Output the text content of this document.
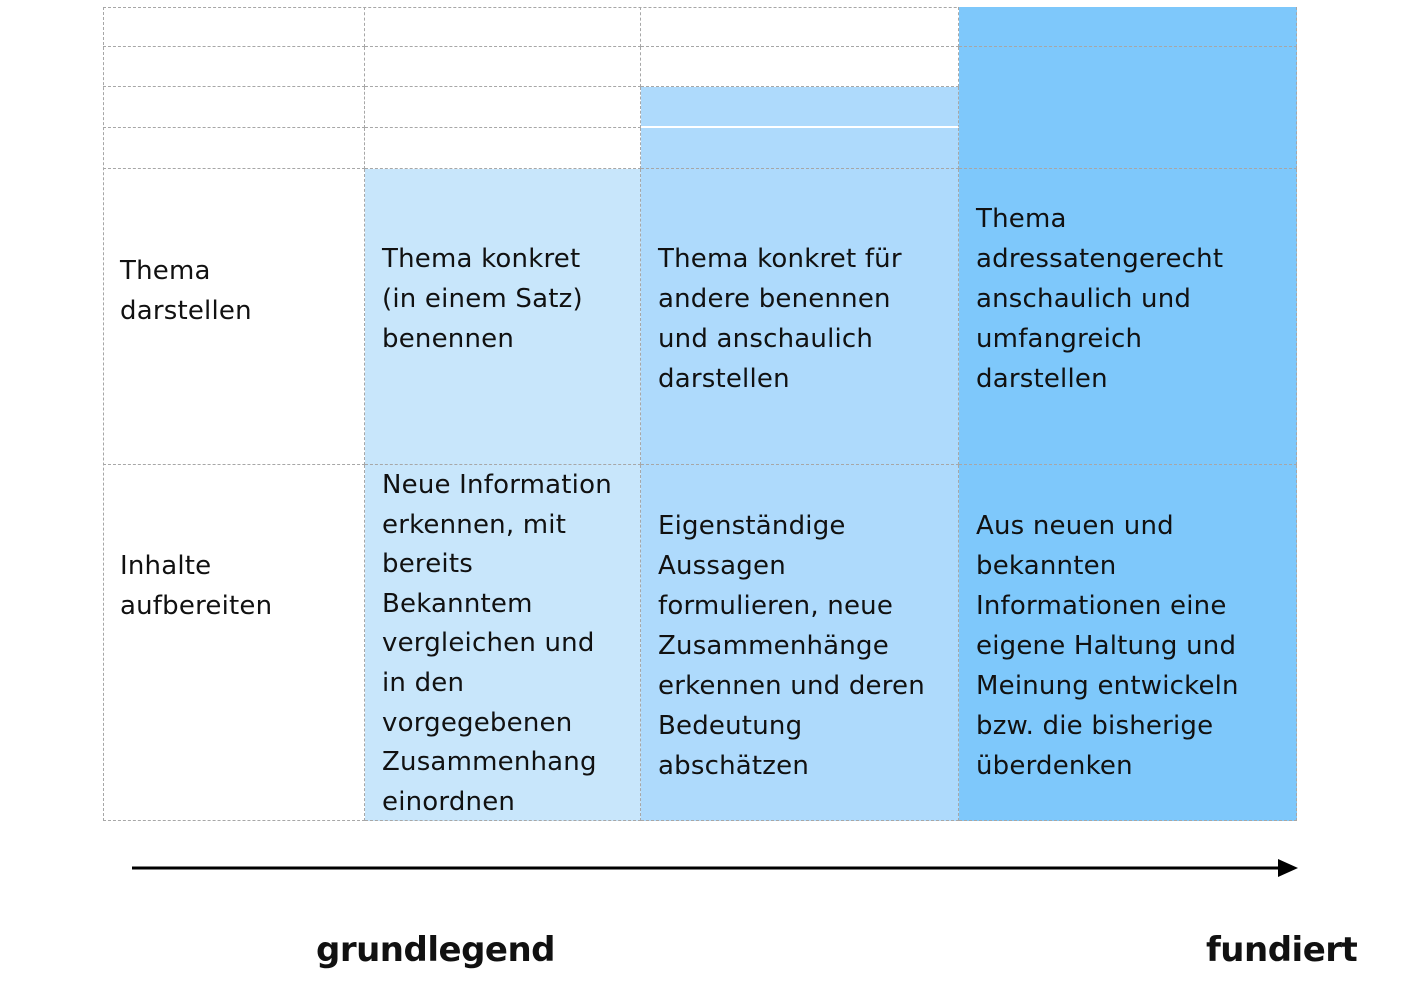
Thema
darstellen
Thema konkret
(in einem Satz)
benennen
Thema konkret für
andere benennen
und anschaulich
darstellen
Thema
adressatengerecht
anschaulich und
umfangreich
darstellen
Inhalte
aufbereiten
Neue Information
erkennen, mit
bereits
Bekanntem
vergleichen und
in den
vorgegebenen
Zusammenhang
einordnen
Eigenständige
Aussagen
formulieren, neue
Zusammenhänge
erkennen und deren
Bedeutung
abschätzen
Aus neuen und
bekannten
Informationen eine
eigene Haltung und
Meinung entwickeln
bzw. die bisherige
überdenken
grundlegend	fundiert
